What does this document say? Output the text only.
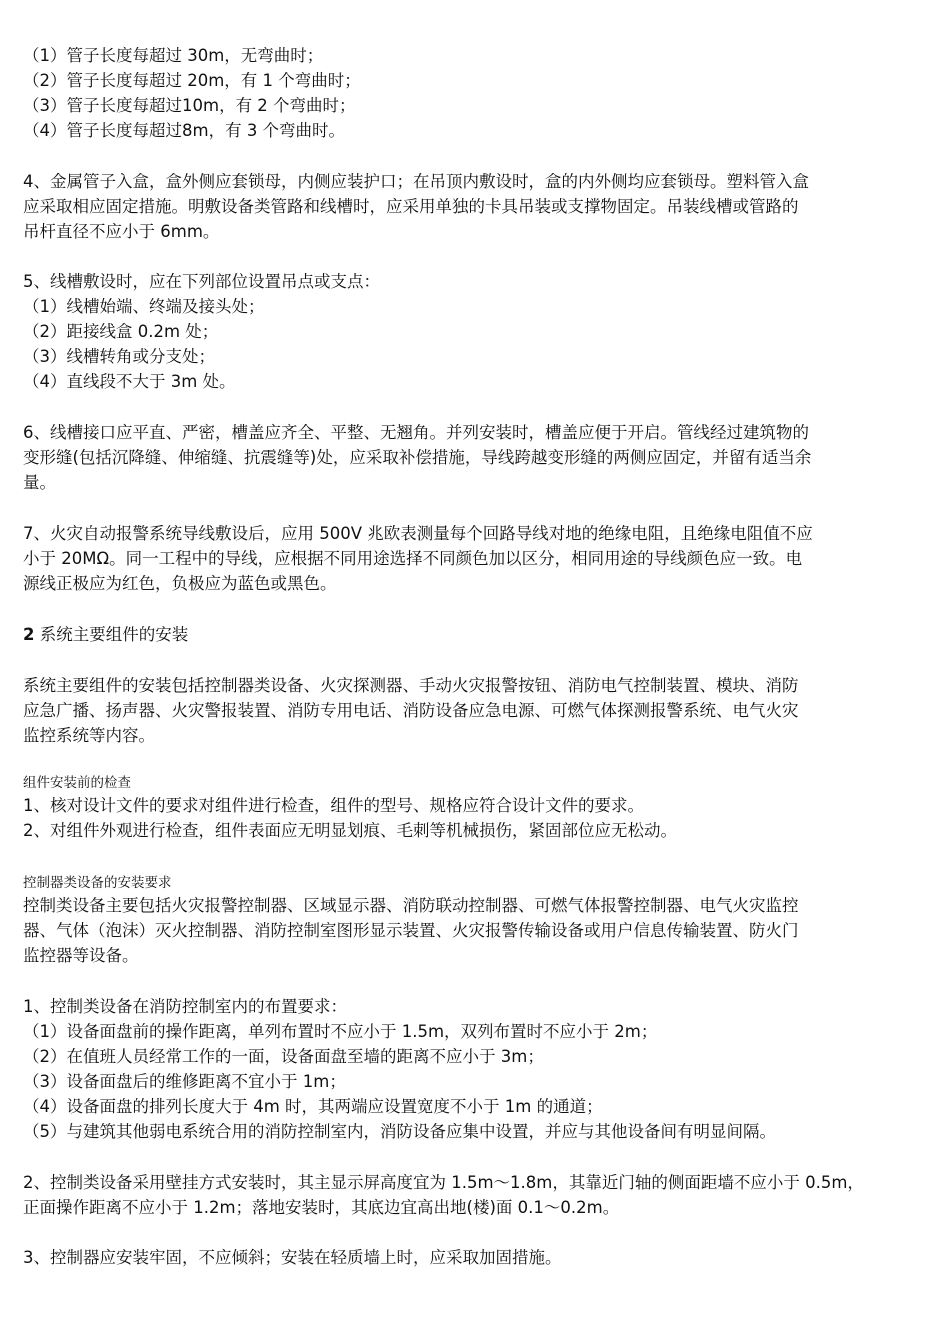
（1）管子长度每超过 30m，无弯曲时；
（2）管子长度每超过 20m，有 1 个弯曲时；
（3）管子长度每超过10m，有 2 个弯曲时；
（4）管子长度每超过8m，有 3 个弯曲时。
4、金属管子入盒，盒外侧应套锁母，内侧应装护口；在吊顶内敷设时，盒的内外侧均应套锁母。塑料管入盒
应采取相应固定措施。明敷设备类管路和线槽时，应采用单独的卡具吊装或支撑物固定。吊装线槽或管路的
吊杆直径不应小于 6mm。
5、线槽敷设时，应在下列部位设置吊点或支点：
（1）线槽始端、终端及接头处；
（2）距接线盒 0.2m 处；
（3）线槽转角或分支处；
（4）直线段不大于 3m 处。
6、线槽接口应平直、严密，槽盖应齐全、平整、无翘角。并列安装时，槽盖应便于开启。管线经过建筑物的
变形缝(包括沉降缝、伸缩缝、抗震缝等)处，应采取补偿措施，导线跨越变形缝的两侧应固定，并留有适当余
量。
7、火灾自动报警系统导线敷设后，应用 500V 兆欧表测量每个回路导线对地的绝缘电阻，且绝缘电阻值不应
小于 20MΩ。同一工程中的导线，应根据不同用途选择不同颜色加以区分，相同用途的导线颜色应一致。电
源线正极应为红色，负极应为蓝色或黑色。
2 系统主要组件的安装
系统主要组件的安装包括控制器类设备、火灾探测器、手动火灾报警按钮、消防电气控制装置、模块、消防
应急广播、扬声器、火灾警报装置、消防专用电话、消防设备应急电源、可燃气体探测报警系统、电气火灾
监控系统等内容。
组件安装前的检查
1、核对设计文件的要求对组件进行检查，组件的型号、规格应符合设计文件的要求。
2、对组件外观进行检查，组件表面应无明显划痕、毛刺等机械损伤，紧固部位应无松动。
控制器类设备的安装要求
控制类设备主要包括火灾报警控制器、区域显示器、消防联动控制器、可燃气体报警控制器、电气火灾监控
器、气体（泡沫）灭火控制器、消防控制室图形显示装置、火灾报警传输设备或用户信息传输装置、防火门
监控器等设备。
1、控制类设备在消防控制室内的布置要求：
（1）设备面盘前的操作距离，单列布置时不应小于 1.5m，双列布置时不应小于 2m；
（2）在值班人员经常工作的一面，设备面盘至墙的距离不应小于 3m；
（3）设备面盘后的维修距离不宜小于 1m；
（4）设备面盘的排列长度大于 4m 时，其两端应设置宽度不小于 1m 的通道；
（5）与建筑其他弱电系统合用的消防控制室内，消防设备应集中设置，并应与其他设备间有明显间隔。
2、控制类设备采用壁挂方式安装时，其主显示屏高度宜为 1.5m～1.8m，其靠近门轴的侧面距墙不应小于 0.5m，
正面操作距离不应小于 1.2m；落地安装时，其底边宜高出地(楼)面 0.1～0.2m。
3、控制器应安装牢固，不应倾斜；安装在轻质墙上时，应采取加固措施。
